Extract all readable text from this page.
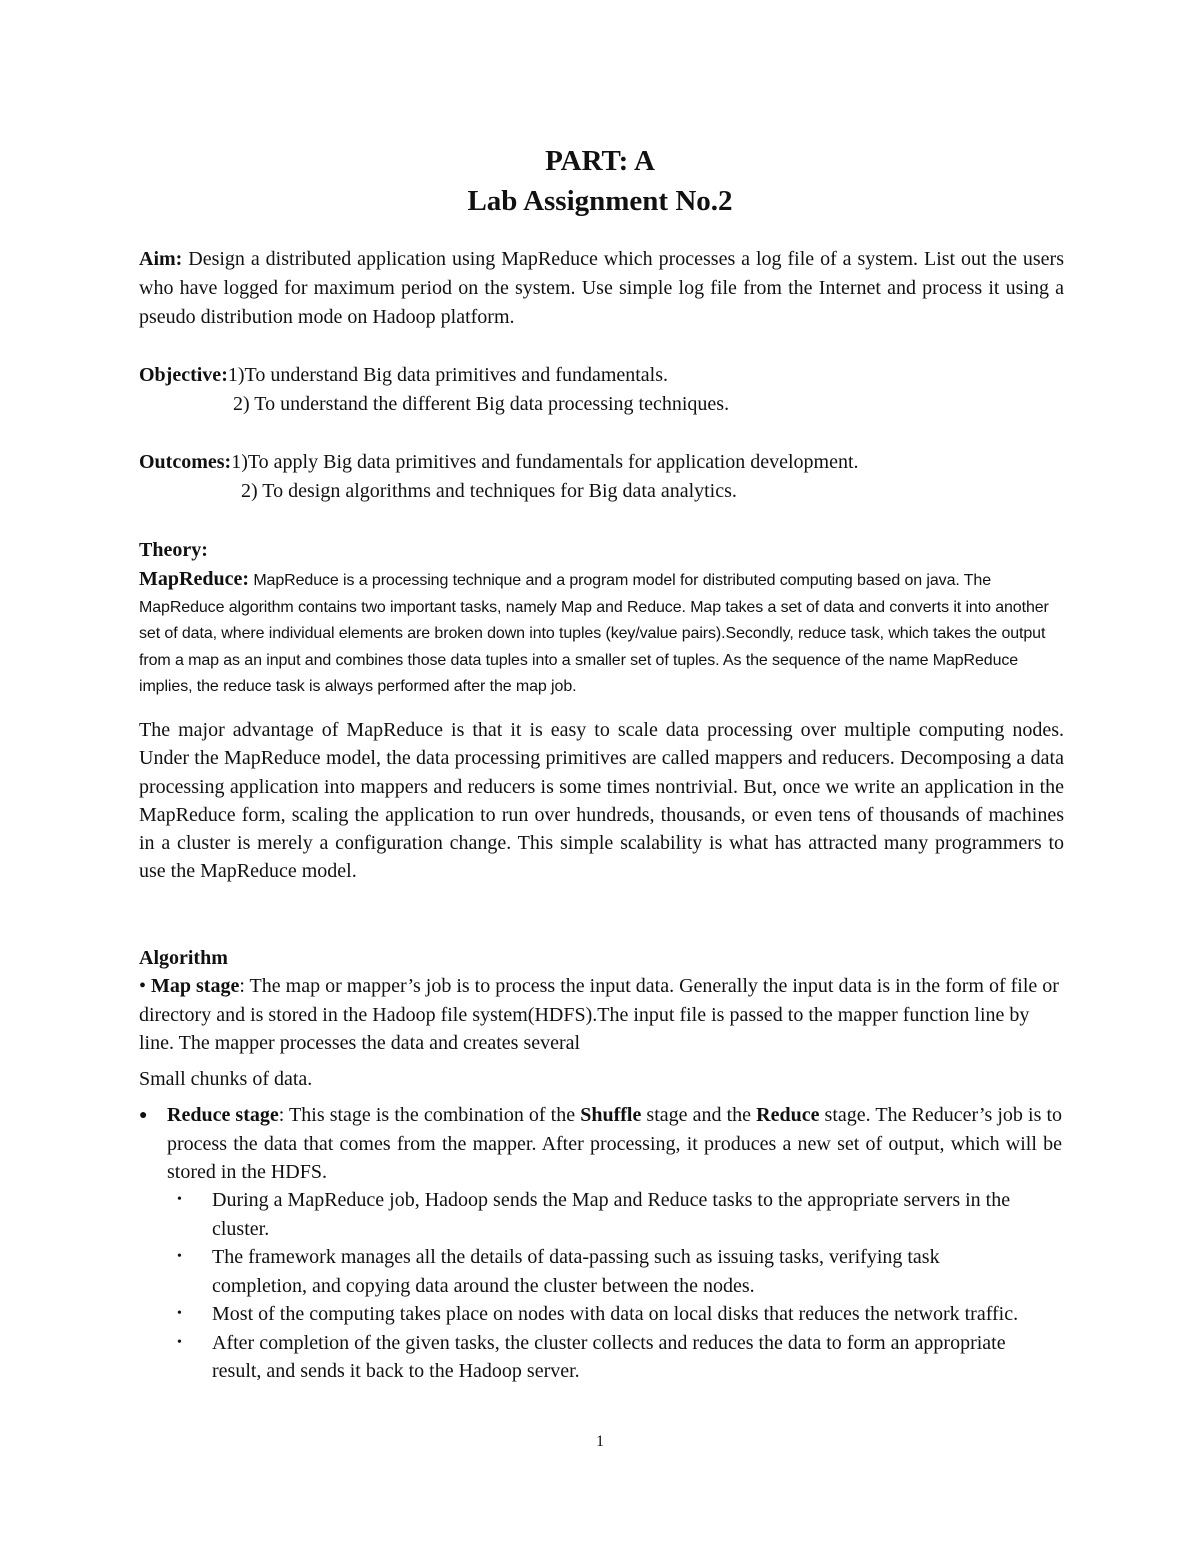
PART: A
Lab Assignment No.2
Aim: Design a distributed application using MapReduce which processes a log file of a system. List out the users who have logged for maximum period on the system. Use simple log file from the Internet and process it using a pseudo distribution mode on Hadoop platform.
Objective:1)To understand Big data primitives and fundamentals.
2) To understand the different Big data processing techniques.
Outcomes:1)To apply Big data primitives and fundamentals for application development.
2) To design algorithms and techniques for Big data analytics.
Theory:
MapReduce: MapReduce is a processing technique and a program model for distributed computing based on java. The MapReduce algorithm contains two important tasks, namely Map and Reduce. Map takes a set of data and converts it into another set of data, where individual elements are broken down into tuples (key/value pairs).Secondly, reduce task, which takes the output from a map as an input and combines those data tuples into a smaller set of tuples. As the sequence of the name MapReduce implies, the reduce task is always performed after the map job.
The major advantage of MapReduce is that it is easy to scale data processing over multiple computing nodes. Under the MapReduce model, the data processing primitives are called mappers and reducers. Decomposing a data processing application into mappers and reducers is some times nontrivial. But, once we write an application in the MapReduce form, scaling the application to run over hundreds, thousands, or even tens of thousands of machines in a cluster is merely a configuration change. This simple scalability is what has attracted many programmers to use the MapReduce model.
Algorithm
• Map stage: The map or mapper’s job is to process the input data. Generally the input data is in the form of file or directory and is stored in the Hadoop file system(HDFS).The input file is passed to the mapper function line by line. The mapper processes the data and creates several
Small chunks of data.
● Reduce stage: This stage is the combination of the Shuffle stage and the Reduce stage. The Reducer’s job is to process the data that comes from the mapper. After processing, it produces a new set of output, which will be stored in the HDFS.
• During a MapReduce job, Hadoop sends the Map and Reduce tasks to the appropriate servers in the cluster.
• The framework manages all the details of data-passing such as issuing tasks, verifying task completion, and copying data around the cluster between the nodes.
• Most of the computing takes place on nodes with data on local disks that reduces the network traffic.
• After completion of the given tasks, the cluster collects and reduces the data to form an appropriate result, and sends it back to the Hadoop server.
1
